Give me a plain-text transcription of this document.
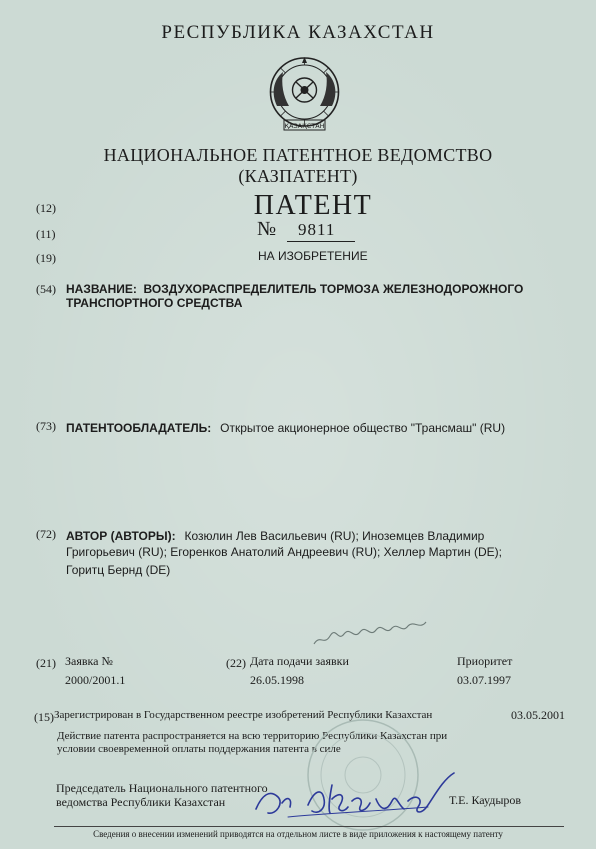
РЕСПУБЛИКА КАЗАХСТАН
ҚАЗАҚСТАН
НАЦИОНАЛЬНОЕ ПАТЕНТНОЕ ВЕДОМСТВО
(КАЗПАТЕНТ)
(12)	ПАТЕНТ
(11)	№ 9811
(19)	НА ИЗОБРЕТЕНИЕ
(54) НАЗВАНИЕ: ВОЗДУХОРАСПРЕДЕЛИТЕЛЬ ТОРМОЗА ЖЕЛЕЗНОДОРОЖНОГО
ТРАНСПОРТНОГО СРЕДСТВА
(73) ПАТЕНТООБЛАДАТЕЛЬ: Открытое акционерное общество "Трансмаш" (RU)
(72) АВТОР (АВТОРЫ): Козюлин Лев Васильевич (RU); Иноземцев Владимир
Григорьевич (RU); Егоренков Анатолий Андреевич (RU); Хеллер Мартин (DE);
Горитц Бернд (DE)
(21) Заявка №
2000/2001.1
(22) Дата подачи заявки
26.05.1998
Приоритет
03.07.1997
(15) Зарегистрирован в Государственном реестре изобретений Республики Казахстан	03.05.2001
Действие патента распространяется на всю территорию Республики Казахстан при
условии своевременной оплаты поддержания патента в силе
Председатель Национального патентного
ведомства Республики Казахстан	Т.Е. Каудыров
Сведения о внесении изменений приводятся на отдельном листе в виде приложения к настоящему патенту
